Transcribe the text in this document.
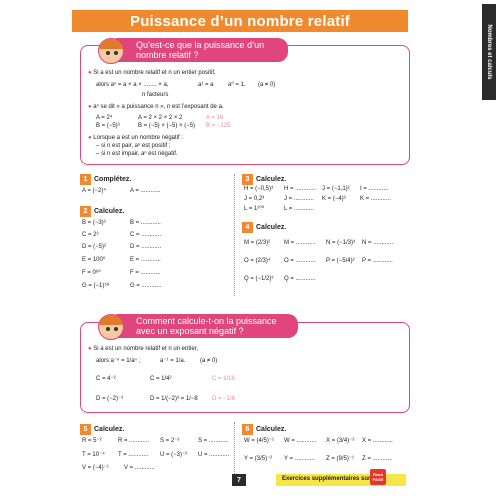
Puissance d’un nombre relatif
Nombres et calculs
Qu’est-ce que la puissance d’un nombre relatif ?
● Si a est un nombre relatif et n un entier positif,
alors aⁿ = a × a × ........ × a,	a¹ = a a⁰ = 1. (a ≠ 0)
n facteurs
● aⁿ se dit « a puissance n », n est l’exposant de a.
A = 2⁴	A = 2 × 2 × 2 × 2	A = 16
B = (−5)³	B = (−5) × (−5) × (−5) B = −125
● Lorsque a est un nombre négatif :
– si n est pair, aⁿ est positif ;
– si n est impair, aⁿ est négatif.
1 Complétez.
A = (−2)⁴	A = ............
2 Calculez.
B = (−3)³	B = ............
C = 2³	C = ............
D = (−5)²	D = ............
E = 100⁰	E = ............
F = 0⁸⁰	F = ............
G = (−1)⁵⁸	G = ............
3 Calculez.
H = (−0,5)³ H = ............ J = (−1,1)² I = ............
J = 0,2³	J = ............ K = (−4)³ K = ............
L = 1¹⁰⁰	L = ............
4 Calculez.
M = (2/3)² M = ............ N = (−1/3)³ N = ............
O = (2/3)⁴ O = ............ P = (−5/4)² P = ............
Q = (−1/2)³ Q = ............
Comment calcule-t-on la puissance avec un exposant négatif ?
● Si a est un nombre relatif et n un entier,
alors a⁻ⁿ = 1/aⁿ ;	a⁻¹ = 1/a. (a ≠ 0)
C = 4⁻²	C = 1/4²	C = 1/16
D = (−2)⁻³	D = 1/(−2)³ = 1/−8 D = −1/8
5 Calculez.
R = 5⁻²	R = ............ S = 2⁻³	S = ............
T = 10⁻⁴ T = ............ U = (−3)⁻² U = ............
V = (−4)⁻¹	V = ............
6 Calculez.
W = (4/5)⁻¹ W = ............ X = (3/4)⁻² X = ............
Y = (3/5)⁻² Y = ............ Z = (9/5)⁻¹ Z = ............
7	Exercices supplémentaires sur
Flash
PAGE
